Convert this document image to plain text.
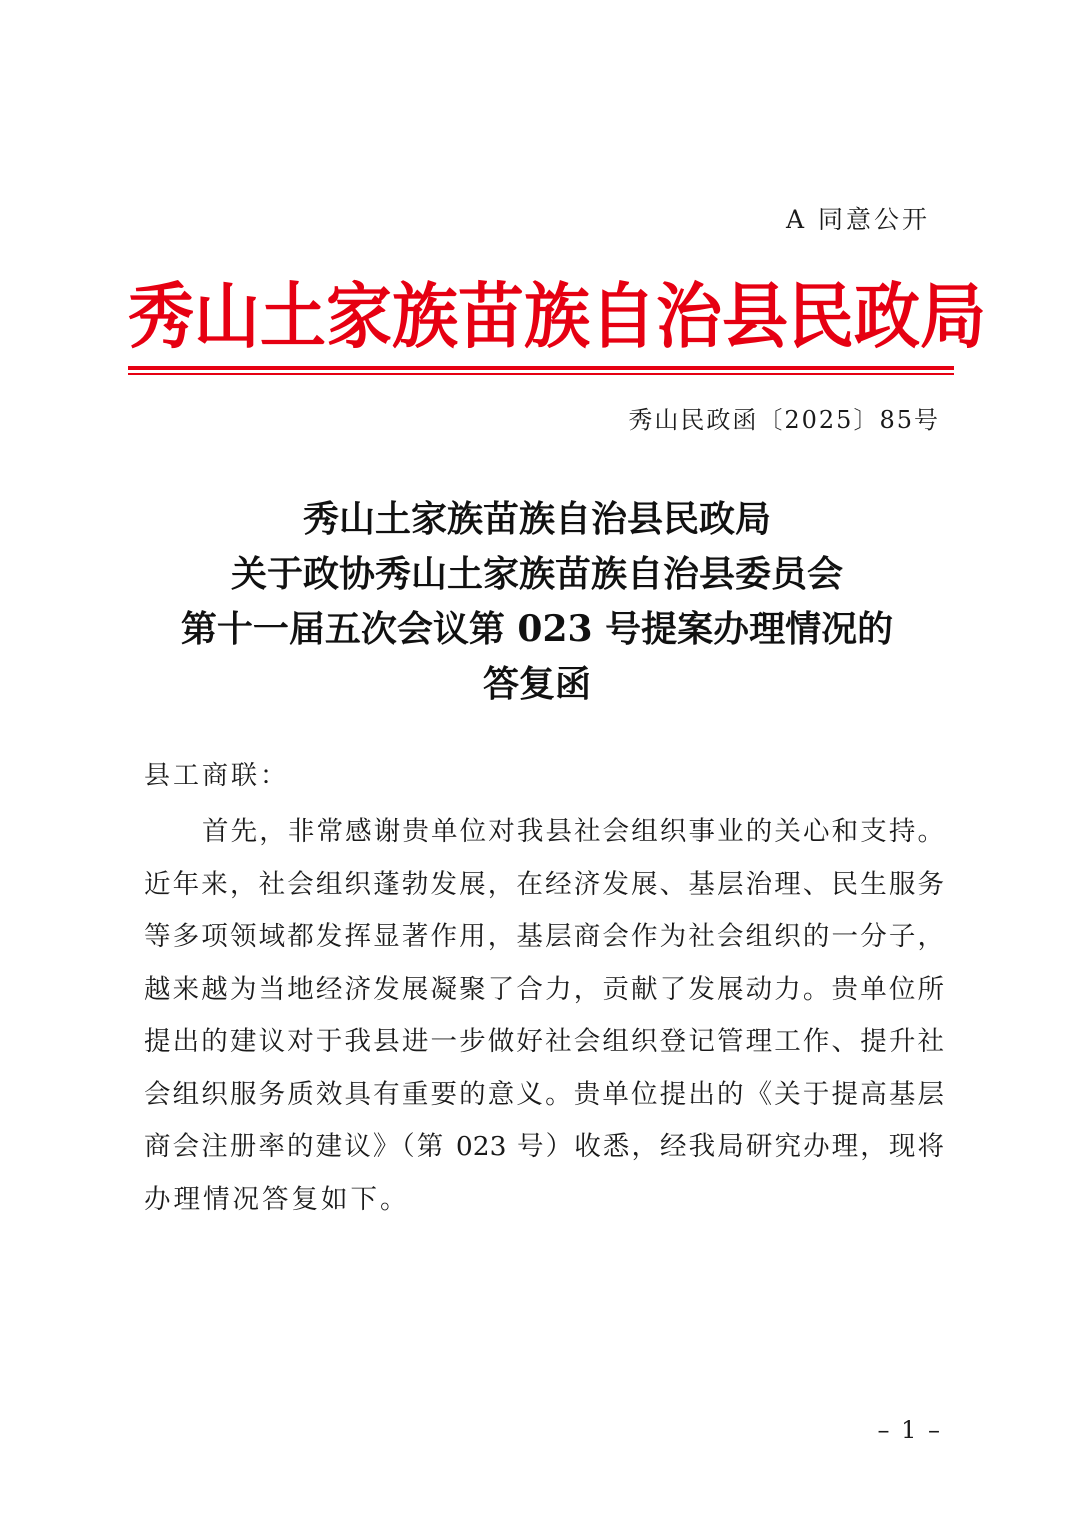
A 同意公开
秀 山 土 家 族 苗 族 自 治 县 民 政 局
秀山民政函〔2025〕85号
秀山土家族苗族自治县民政局
关于政协秀山土家族苗族自治县委员会
第十一届五次会议第 023 号提案办理情况的
答复函
县工商联：
首先，非常感谢贵单位对我县社会组织事业的关心和支持。
近年来，社会组织蓬勃发展，在经济发展、基层治理、民生服务
等多项领域都发挥显著作用，基层商会作为社会组织的一分子，
越来越为当地经济发展凝聚了合力，贡献了发展动力。贵单位所
提出的建议对于我县进一步做好社会组织登记管理工作、提升社
会组织服务质效具有重要的意义。贵单位提出的《关于提高基层
商会注册率的建议》（第 023 号）收悉，经我局研究办理，现将
办理情况答复如下。
– 1 –
